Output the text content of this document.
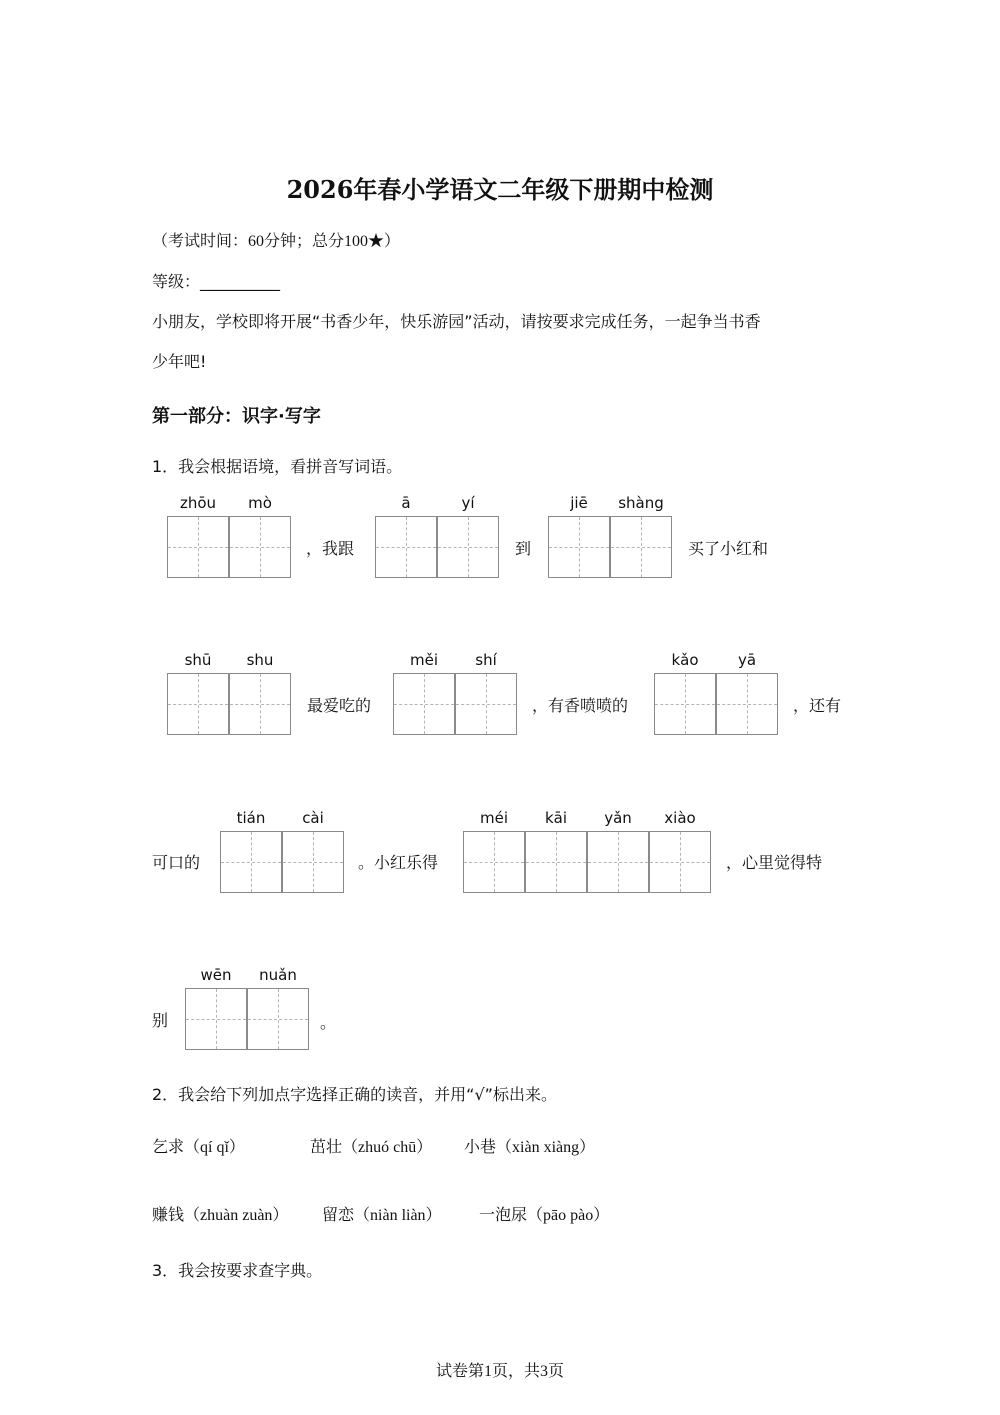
2026年春小学语文二年级下册期中检测
（考试时间：60分钟；总分100★）
等级：__________
小朋友，学校即将开展“书香少年，快乐游园”活动，请按要求完成任务，一起争当书香
少年吧!
第一部分：识字·写字
1．我会根据语境，看拼音写词语。
zhōu	mò
，我跟
ā	yí
到
jiē	shàng
买了小红和
shū	shu
最爱吃的
měi	shí
，有香喷喷的
kǎo	yā
，还有
可口的
tián	cài
。小红乐得
méi	kāi	yǎn	xiào
，心里觉得特
别
wēn	nuǎn
。
2．我会给下列加点字选择正确的读音，并用“√”标出来。
乞求（qí qǐ）	茁壮（zhuó chū） 小巷（xiàn xiàng）
赚钱（zhuàn zuàn） 留恋（niàn liàn） 一泡尿（pāo pào）
3．我会按要求查字典。
试卷第1页，共3页
